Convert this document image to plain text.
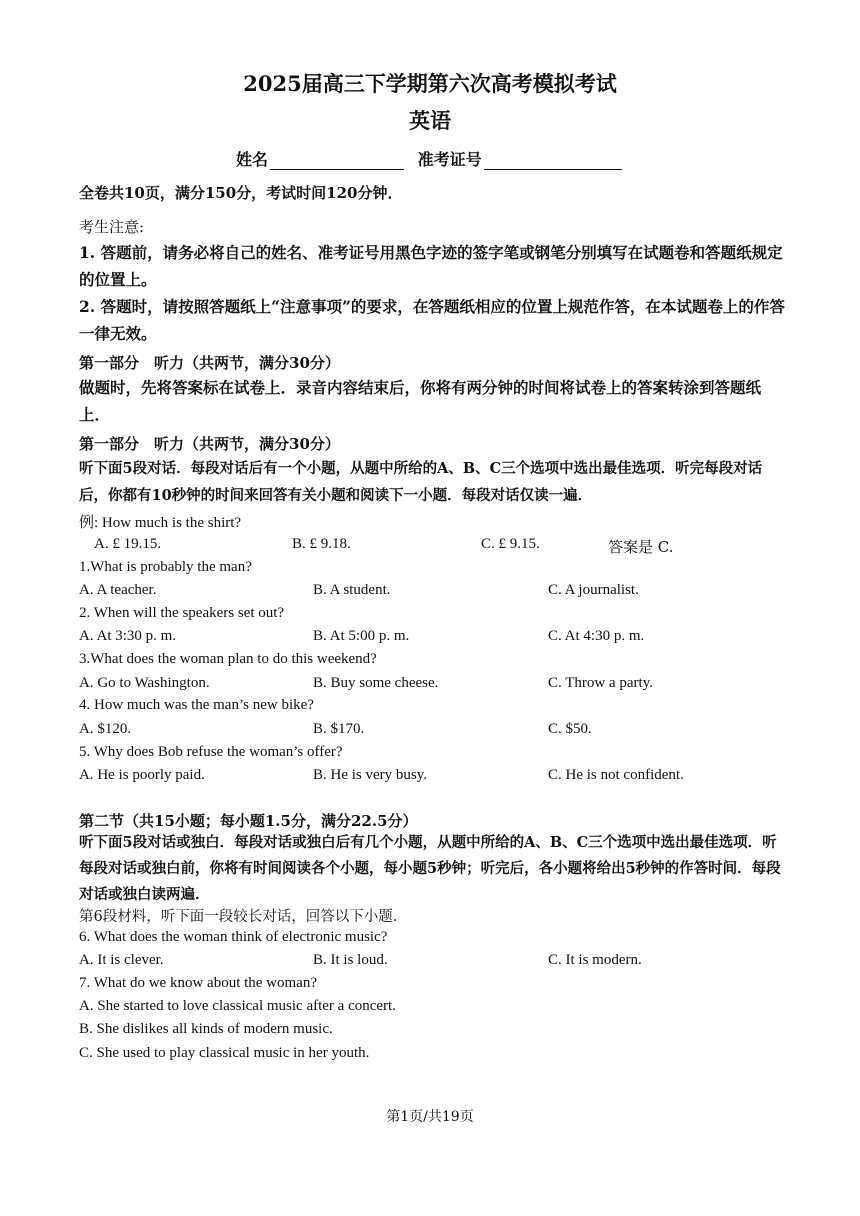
2025届高三下学期第六次高考模拟考试
英语
姓名	准考证号
全卷共10页，满分150分，考试时间120分钟．
考生注意:
1. 答题前，请务必将自己的姓名、准考证号用黑色字迹的签字笔或钢笔分别填写在试题卷和答题纸规定的位置上。
2. 答题时，请按照答题纸上“注意事项”的要求，在答题纸相应的位置上规范作答，在本试题卷上的作答一律无效。
第一部分　听力（共两节，满分30分）
做题时，先将答案标在试卷上．录音内容结束后，你将有两分钟的时间将试卷上的答案转涂到答题纸上．
第一部分　听力（共两节，满分30分）
听下面5段对话．每段对话后有一个小题，从题中所给的A、B、C三个选项中选出最佳选项．听完每段对话后，你都有10秒钟的时间来回答有关小题和阅读下一小题．每段对话仅读一遍．
例: How much is the shirt?
A. £ 19.15.	B. £ 9.18.	C. £ 9.15.	答案是 C.
1.What is probably the man?
A. A teacher.	B. A student.	C. A journalist.
2. When will the speakers set out?
A. At 3:30 p. m.	B. At 5:00 p. m.	C. At 4:30 p. m.
3.What does the woman plan to do this weekend?
A. Go to Washington.	B. Buy some cheese.	C. Throw a party.
4. How much was the man’s new bike?
A. $120.	B. $170.	C. $50.
5. Why does Bob refuse the woman’s offer?
A. He is poorly paid.	B. He is very busy.	C. He is not confident.
第二节（共15小题；每小题1.5分，满分22.5分）
听下面5段对话或独白．每段对话或独白后有几个小题，从题中所给的A、B、C三个选项中选出最佳选项．听每段对话或独白前，你将有时间阅读各个小题，每小题5秒钟；听完后，各小题将给出5秒钟的作答时间．每段对话或独白读两遍．
第6段材料，听下面一段较长对话，回答以下小题．
6. What does the woman think of electronic music?
A. It is clever.	B. It is loud.	C. It is modern.
7. What do we know about the woman?
A. She started to love classical music after a concert.
B. She dislikes all kinds of modern music.
C. She used to play classical music in her youth.
第1页/共19页
